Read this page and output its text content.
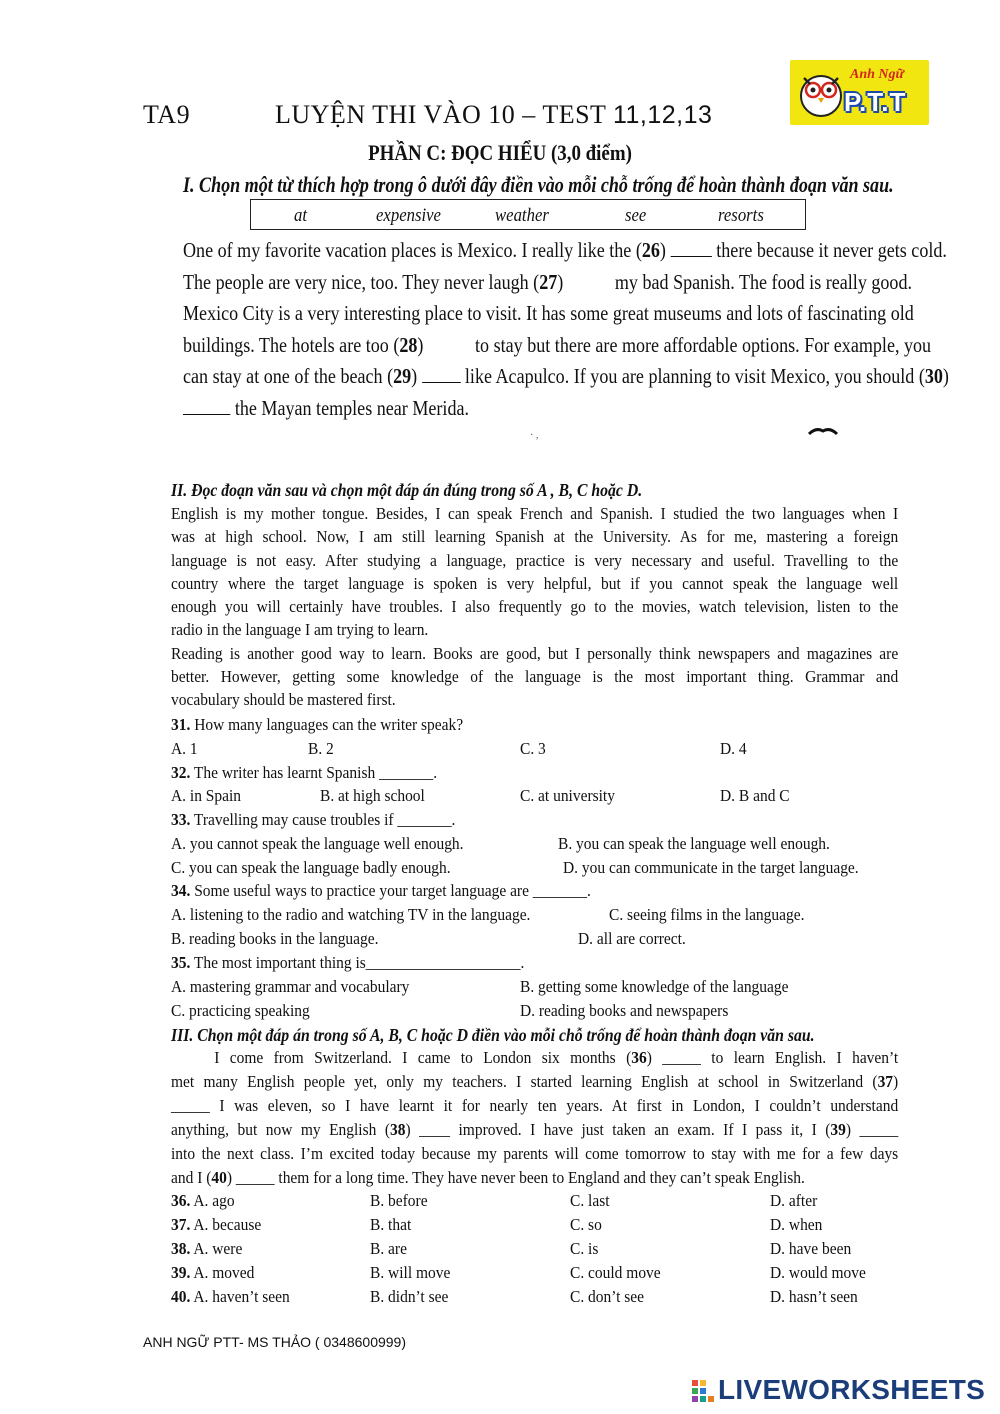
TA9	LUYỆN THI VÀO 10 – TEST 11,12,13
Anh Ngữ
P.T.T
PHẦN C: ĐỌC HIỂU (3,0 điểm)
I. Chọn một từ thích hợp trong ô dưới đây điền vào mỗi chỗ trống để hoàn thành đoạn văn sau.
at	expensive	weather	see	resorts
One of my favorite vacation places is Mexico. I really like the (26)  there because it never gets cold.
The people are very nice, too. They never laugh (27) my bad Spanish. The food is really good.
Mexico City is a very interesting place to visit. It has some great museums and lots of fascinating old
buildings. The hotels are too (28) to stay but there are more affordable options. For example, you
can stay at one of the beach (29)  like Acapulco. If you are planning to visit Mexico, you should (30)
the Mayan temples near Merida.
· ,
II. Đọc đoạn văn sau và chọn một đáp án đúng trong số A , B, C hoặc D.
English is my mother tongue. Besides, I can speak French and Spanish. I studied the two languages when I
was at high school. Now, I am still learning Spanish at the University. As for me, mastering a foreign
language is not easy. After studying a language, practice is very necessary and useful. Travelling to the
country where the target language is spoken is very helpful, but if you cannot speak the language well
enough you will certainly have troubles. I also frequently go to the movies, watch television, listen to the
radio in the language I am trying to learn.
Reading is another good way to learn. Books are good, but I personally think newspapers and magazines are
better. However, getting some knowledge of the language is the most important thing. Grammar and
vocabulary should be mastered first.
31. How many languages can the writer speak?
A. 1	B. 2	C. 3	D. 4
32. The writer has learnt Spanish _______.
A. in Spain	B. at high school	C. at university	D. B and C
33. Travelling may cause troubles if _______.
A. you cannot speak the language well enough.	B. you can speak the language well enough.
C. you can speak the language badly enough.	D. you can communicate in the target language.
34. Some useful ways to practice your target language are _______.
A. listening to the radio and watching TV in the language.	C. seeing films in the language.
B. reading books in the language.	D. all are correct.
35. The most important thing is____________________.
A. mastering grammar and vocabulary	B. getting some knowledge of the language
C. practicing speaking	D. reading books and newspapers
III. Chọn một đáp án trong số A, B, C hoặc D điền vào mỗi chỗ trống để hoàn thành đoạn văn sau.
I come from Switzerland. I came to London six months (36) _____ to learn English. I haven’t
met many English people yet, only my teachers. I started learning English at school in Switzerland (37)
_____ I was eleven, so I have learnt it for nearly ten years. At first in London, I couldn’t understand
anything, but now my English (38) ____ improved. I have just taken an exam. If I pass it, I (39) _____
into the next class. I’m excited today because my parents will come tomorrow to stay with me for a few days
and I (40) _____ them for a long time. They have never been to England and they can’t speak English.
36. A. ago	B. before	C. last	D. after
37. A. because	B. that	C. so	D. when
38. A. were	B. are	C. is	D. have been
39. A. moved	B. will move	C. could move	D. would move
40. A. haven’t seen	B. didn’t see	C. don’t see	D. hasn’t seen
ANH NGỮ PTT- MS THẢO ( 0348600999)
LIVEWORKSHEETS
